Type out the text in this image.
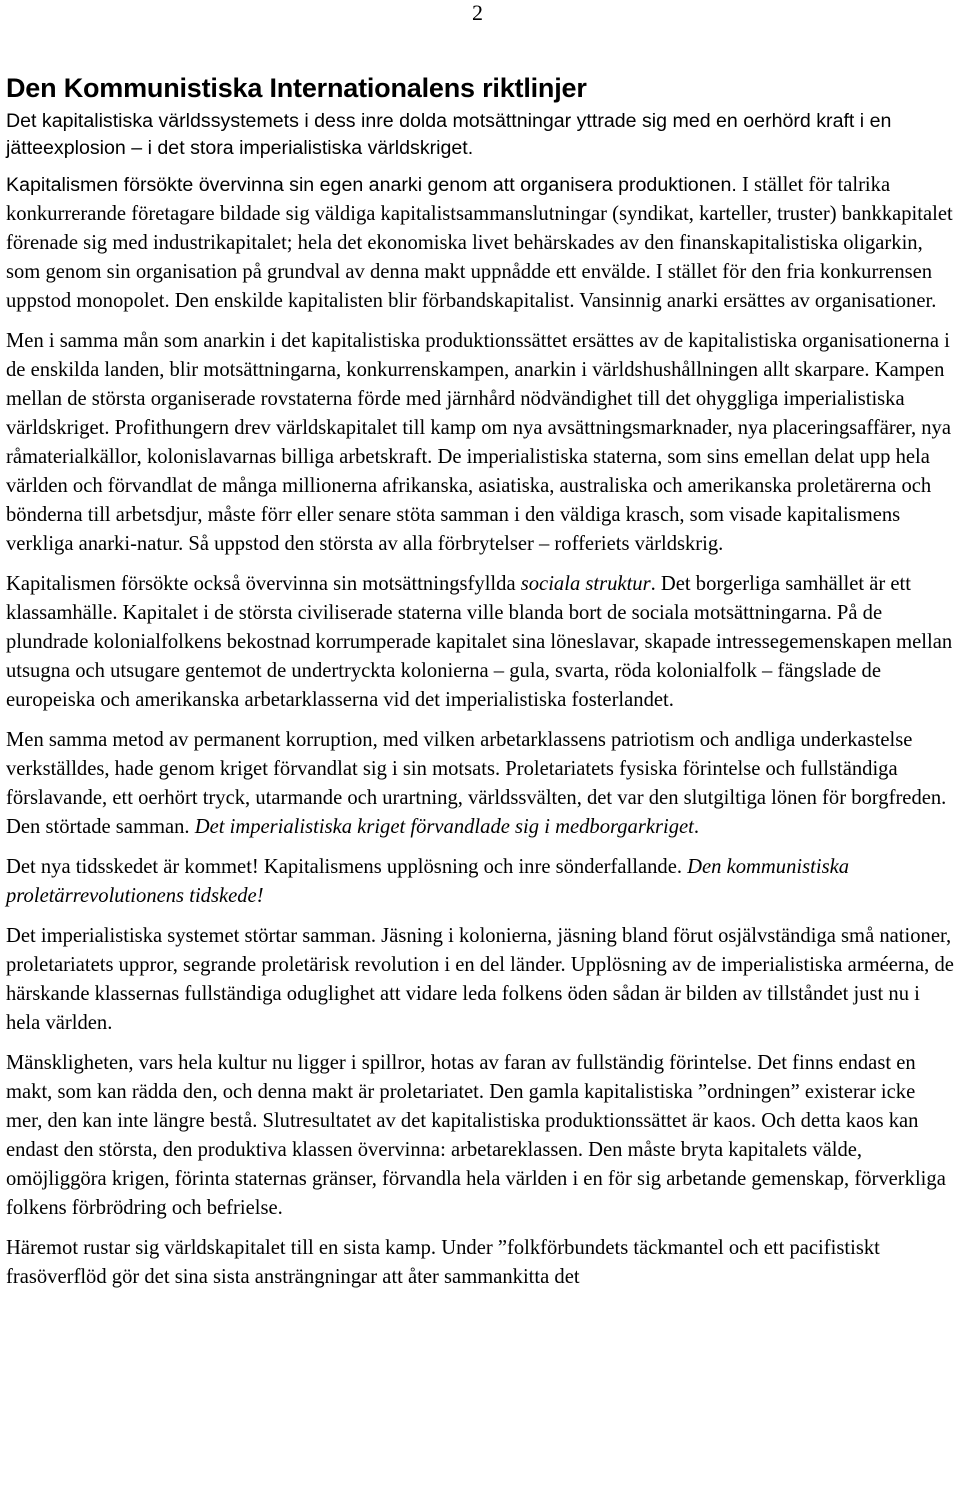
2
Den Kommunistiska Internationalens riktlinjer

Det kapitalistiska världssystemets i dess inre dolda motsättningar yttrade sig med en oerhörd kraft i en jätteexplosion – i det stora imperialistiska världskriget.

Kapitalismen försökte övervinna sin egen anarki genom att organisera produktionen. I stället för talrika konkurrerande företagare bildade sig väldiga kapitalistsammanslutningar (syndikat, karteller, truster) bankkapitalet förenade sig med industrikapitalet; hela det ekonomiska livet behärskades av den finanskapitalistiska oligarkin, som genom sin organisation på grundval av denna makt uppnådde ett envälde. I stället för den fria konkurrensen uppstod monopolet. Den enskilde kapitalisten blir förbandskapitalist. Vansinnig anarki ersättes av organisationer.

Men i samma mån som anarkin i det kapitalistiska produktionssättet ersättes av de kapitalistiska organisationerna i de enskilda landen, blir motsättningarna, konkurrenskampen, anarkin i världshushållningen allt skarpare. Kampen mellan de största organiserade rovstaterna förde med järnhård nödvändighet till det ohyggliga imperialistiska världskriget. Profithungern drev världskapitalet till kamp om nya avsättningsmarknader, nya placeringsaffärer, nya råmaterialkällor, kolonislavarnas billiga arbetskraft. De imperialistiska staterna, som sins emellan delat upp hela världen och förvandlat de många millionerna afrikanska, asiatiska, australiska och amerikanska proletärerna och bönderna till arbetsdjur, måste förr eller senare stöta samman i den väldiga krasch, som visade kapitalismens verkliga anarki-natur. Så uppstod den största av alla förbrytelser – rofferiets världskrig.

Kapitalismen försökte också övervinna sin motsättningsfyllda sociala struktur. Det borgerliga samhället är ett klassamhälle. Kapitalet i de största civiliserade staterna ville blanda bort de sociala motsättningarna. På de plundrade kolonialfolkens bekostnad korrumperade kapitalet sina löneslavar, skapade intressegemenskapen mellan utsugna och utsugare gentemot de undertryckta kolonierna – gula, svarta, röda kolonialfolk – fängslade de europeiska och amerikanska arbetarklasserna vid det imperialistiska fosterlandet.

Men samma metod av permanent korruption, med vilken arbetarklassens patriotism och andliga underkastelse verkställdes, hade genom kriget förvandlat sig i sin motsats. Proletariatets fysiska förintelse och fullständiga förslavande, ett oerhört tryck, utarmande och urartning, världssvälten, det var den slutgiltiga lönen för borgfreden. Den störtade samman. Det imperialistiska kriget förvandlade sig i medborgarkriget.

Det nya tidsskedet är kommet! Kapitalismens upplösning och inre sönderfallande. Den kommunistiska proletärrevolutionens tidskede!

Det imperialistiska systemet störtar samman. Jäsning i kolonierna, jäsning bland förut osjälvständiga små nationer, proletariatets uppror, segrande proletärisk revolution i en del länder. Upplösning av de imperialistiska arméerna, de härskande klassernas fullständiga oduglighet att vidare leda folkens öden sådan är bilden av tillståndet just nu i hela världen.

Mänskligheten, vars hela kultur nu ligger i spillror, hotas av faran av fullständig förintelse. Det finns endast en makt, som kan rädda den, och denna makt är proletariatet. Den gamla kapitalistiska ”ordningen” existerar icke mer, den kan inte längre bestå. Slutresultatet av det kapitalistiska produktionssättet är kaos. Och detta kaos kan endast den största, den produktiva klassen övervinna: arbetareklassen. Den måste bryta kapitalets välde, omöjliggöra krigen, förinta staternas gränser, förvandla hela världen i en för sig arbetande gemenskap, förverkliga folkens förbrödring och befrielse.

Häremot rustar sig världskapitalet till en sista kamp. Under ”folkförbundets täckmantel och ett pacifistiskt frasöverflöd gör det sina sista ansträngningar att åter sammankitta det
